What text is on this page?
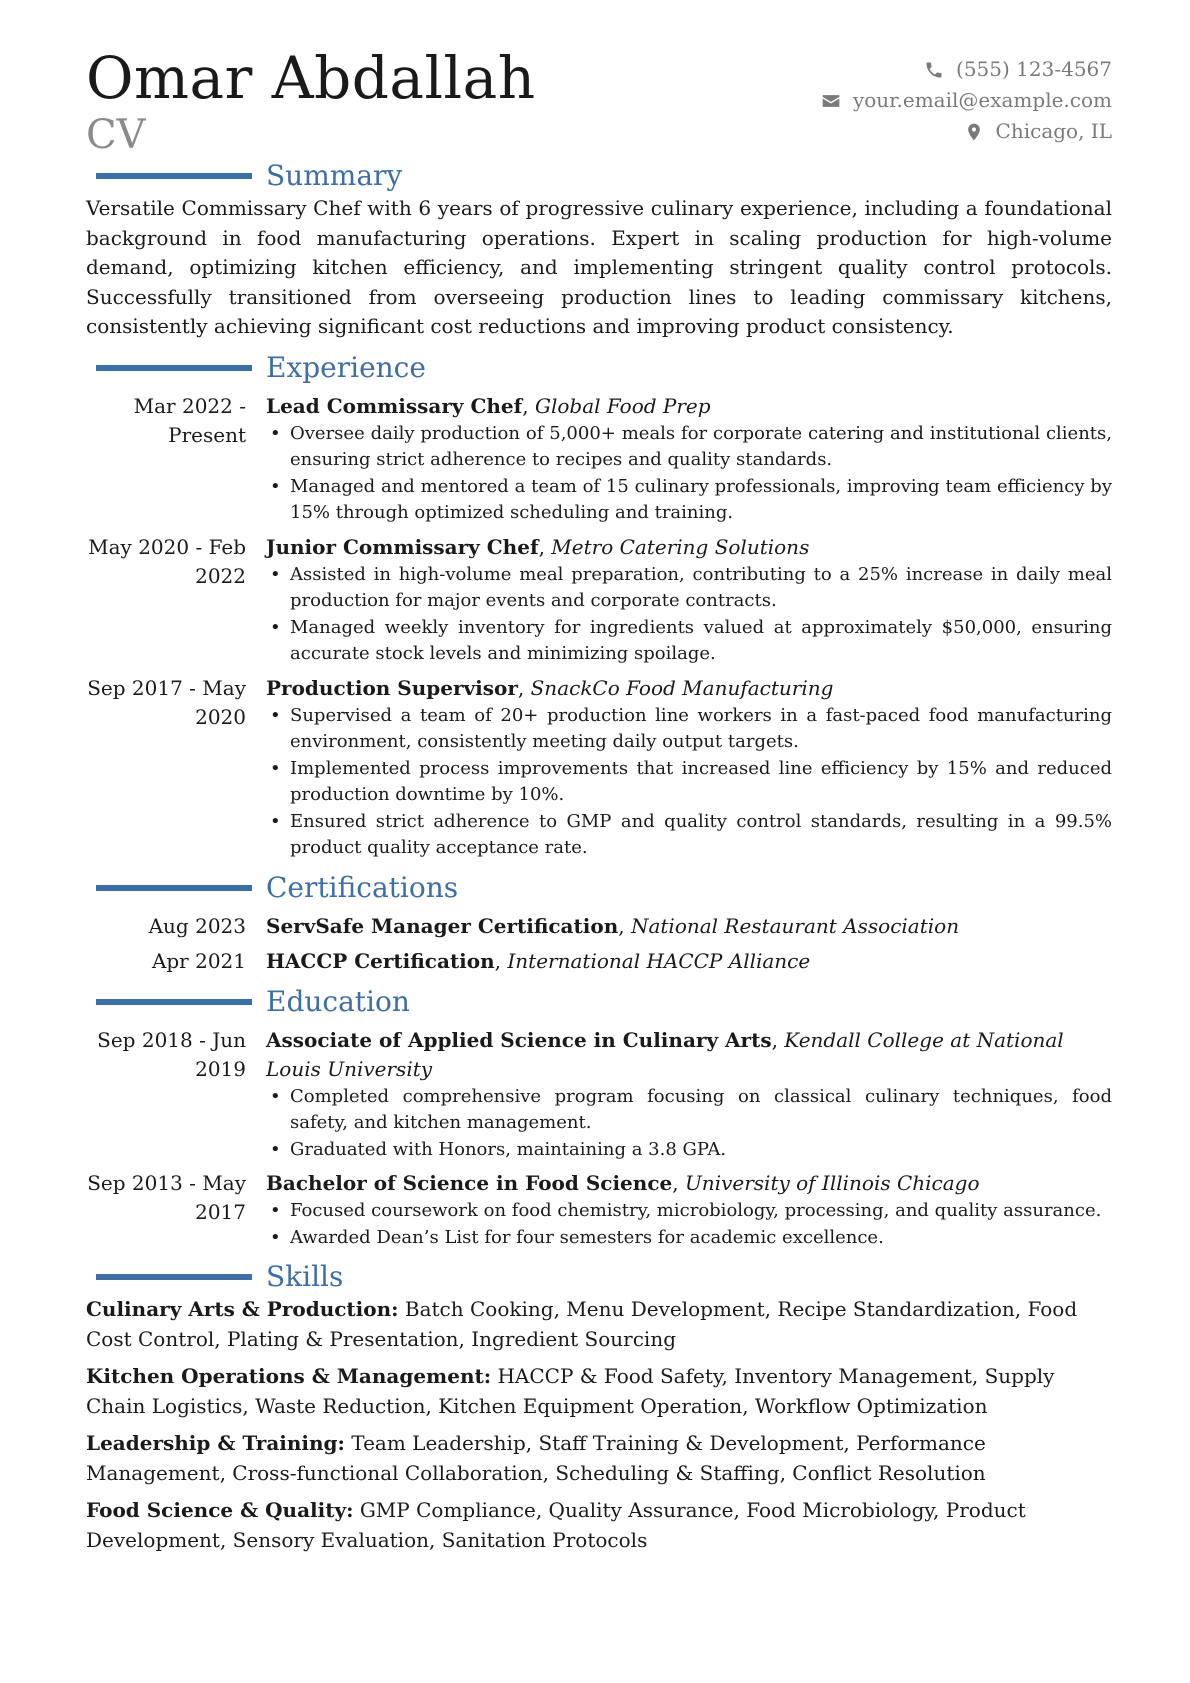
Omar Abdallah
CV
(555) 123-4567
your.email@example.com
Chicago, IL
Summary

Versatile Commissary Chef with 6 years of progressive culinary experience, including a foundational background in food manufacturing operations. Expert in scaling production for high-volume demand, optimizing kitchen efficiency, and implementing stringent quality control protocols. Successfully transitioned from overseeing production lines to leading commissary kitchens, consistently achieving significant cost reductions and improving product consistency.

Experience
Mar 2022 - Present
Lead Commissary Chef, Global Food Prep
• Oversee daily production of 5,000+ meals for corporate catering and institutional clients, ensuring strict adherence to recipes and quality standards.
• Managed and mentored a team of 15 culinary professionals, improving team efficiency by 15% through optimized scheduling and training.
May 2020 - Feb 2022
Junior Commissary Chef, Metro Catering Solutions
• Assisted in high-volume meal preparation, contributing to a 25% increase in daily meal production for major events and corporate contracts.
• Managed weekly inventory for ingredients valued at approximately $50,000, ensuring accurate stock levels and minimizing spoilage.
Sep 2017 - May 2020
Production Supervisor, SnackCo Food Manufacturing
• Supervised a team of 20+ production line workers in a fast-paced food manufacturing environment, consistently meeting daily output targets.
• Implemented process improvements that increased line efficiency by 15% and reduced production downtime by 10%.
• Ensured strict adherence to GMP and quality control standards, resulting in a 99.5% product quality acceptance rate.
Certifications
Aug 2023 ServSafe Manager Certification, National Restaurant Association
Apr 2021 HACCP Certification, International HACCP Alliance
Education
Sep 2018 - Jun 2019
Associate of Applied Science in Culinary Arts, Kendall College at National Louis University
• Completed comprehensive program focusing on classical culinary techniques, food safety, and kitchen management.
• Graduated with Honors, maintaining a 3.8 GPA.
Sep 2013 - May 2017
Bachelor of Science in Food Science, University of Illinois Chicago
• Focused coursework on food chemistry, microbiology, processing, and quality assurance.
• Awarded Dean’s List for four semesters for academic excellence.
Skills

Culinary Arts & Production: Batch Cooking, Menu Development, Recipe Standardization, Food Cost Control, Plating & Presentation, Ingredient Sourcing

Kitchen Operations & Management: HACCP & Food Safety, Inventory Management, Supply Chain Logistics, Waste Reduction, Kitchen Equipment Operation, Workflow Optimization

Leadership & Training: Team Leadership, Staff Training & Development, Performance Management, Cross-functional Collaboration, Scheduling & Staffing, Conflict Resolution

Food Science & Quality: GMP Compliance, Quality Assurance, Food Microbiology, Product Development, Sensory Evaluation, Sanitation Protocols
